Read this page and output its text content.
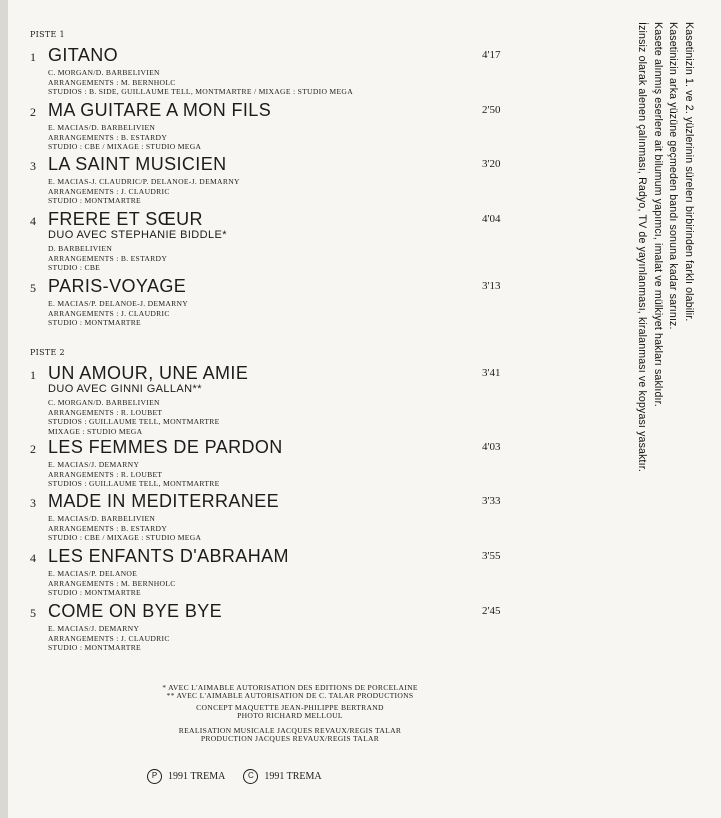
PISTE 1
1 GITANO	4'17
C. MORGAN/D. BARBELIVIEN
ARRANGEMENTS : M. BERNHOLC
STUDIOS : B. SIDE, GUILLAUME TELL, MONTMARTRE / MIXAGE : STUDIO MEGA
2 MA GUITARE A MON FILS	2'50
E. MACIAS/D. BARBELIVIEN
ARRANGEMENTS : B. ESTARDY
STUDIO : CBE / MIXAGE : STUDIO MEGA
3 LA SAINT MUSICIEN	3'20
E. MACIAS-J. CLAUDRIC/P. DELANOE-J. DEMARNY
ARRANGEMENTS : J. CLAUDRIC
STUDIO : MONTMARTRE
4 FRERE ET SŒUR	4'04
DUO AVEC STEPHANIE BIDDLE*
D. BARBELIVIEN
ARRANGEMENTS : B. ESTARDY
STUDIO : CBE
5 PARIS-VOYAGE	3'13
E. MACIAS/P. DELANOE-J. DEMARNY
ARRANGEMENTS : J. CLAUDRIC
STUDIO : MONTMARTRE
PISTE 2
1 UN AMOUR, UNE AMIE	3'41
DUO AVEC GINNI GALLAN**
C. MORGAN/D. BARBELIVIEN
ARRANGEMENTS : R. LOUBET
STUDIOS : GUILLAUME TELL, MONTMARTRE
MIXAGE : STUDIO MEGA
2 LES FEMMES DE PARDON	4'03
E. MACIAS/J. DEMARNY
ARRANGEMENTS : R. LOUBET
STUDIOS : GUILLAUME TELL, MONTMARTRE
3 MADE IN MEDITERRANEE	3'33
E. MACIAS/D. BARBELIVIEN
ARRANGEMENTS : B. ESTARDY
STUDIO : CBE / MIXAGE : STUDIO MEGA
4 LES ENFANTS D'ABRAHAM	3'55
E. MACIAS/P. DELANOE
ARRANGEMENTS : M. BERNHOLC
STUDIO : MONTMARTRE
5 COME ON BYE BYE	2'45
E. MACIAS/J. DEMARNY
ARRANGEMENTS : J. CLAUDRIC
STUDIO : MONTMARTRE
* AVEC L'AIMABLE AUTORISATION DES EDITIONS DE PORCELAINE
** AVEC L'AIMABLE AUTORISATION DE C. TALAR PRODUCTIONS
CONCEPT MAQUETTE JEAN-PHILIPPE BERTRAND
PHOTO RICHARD MELLOUL
REALISATION MUSICALE JACQUES REVAUX/REGIS TALAR
PRODUCTION JACQUES REVAUX/REGIS TALAR
P	1991 TREMA	C	1991 TREMA
Kasetinizin 1. ve 2. yüzlerinin sürelerı birbirinden farklı olabilir.
Kasetinizin arka yüzüne geçmeden bandı sonuna kadar sarınız.
Kasete alınmış eserlere ait bilumum yapımcı, imalat ve mülkiyet hakları saklıdır.
İzinsiz olarak alenen çalınması, Radyo, TV de yayınlanması, kiralanması ve kopyası yasaktır.
